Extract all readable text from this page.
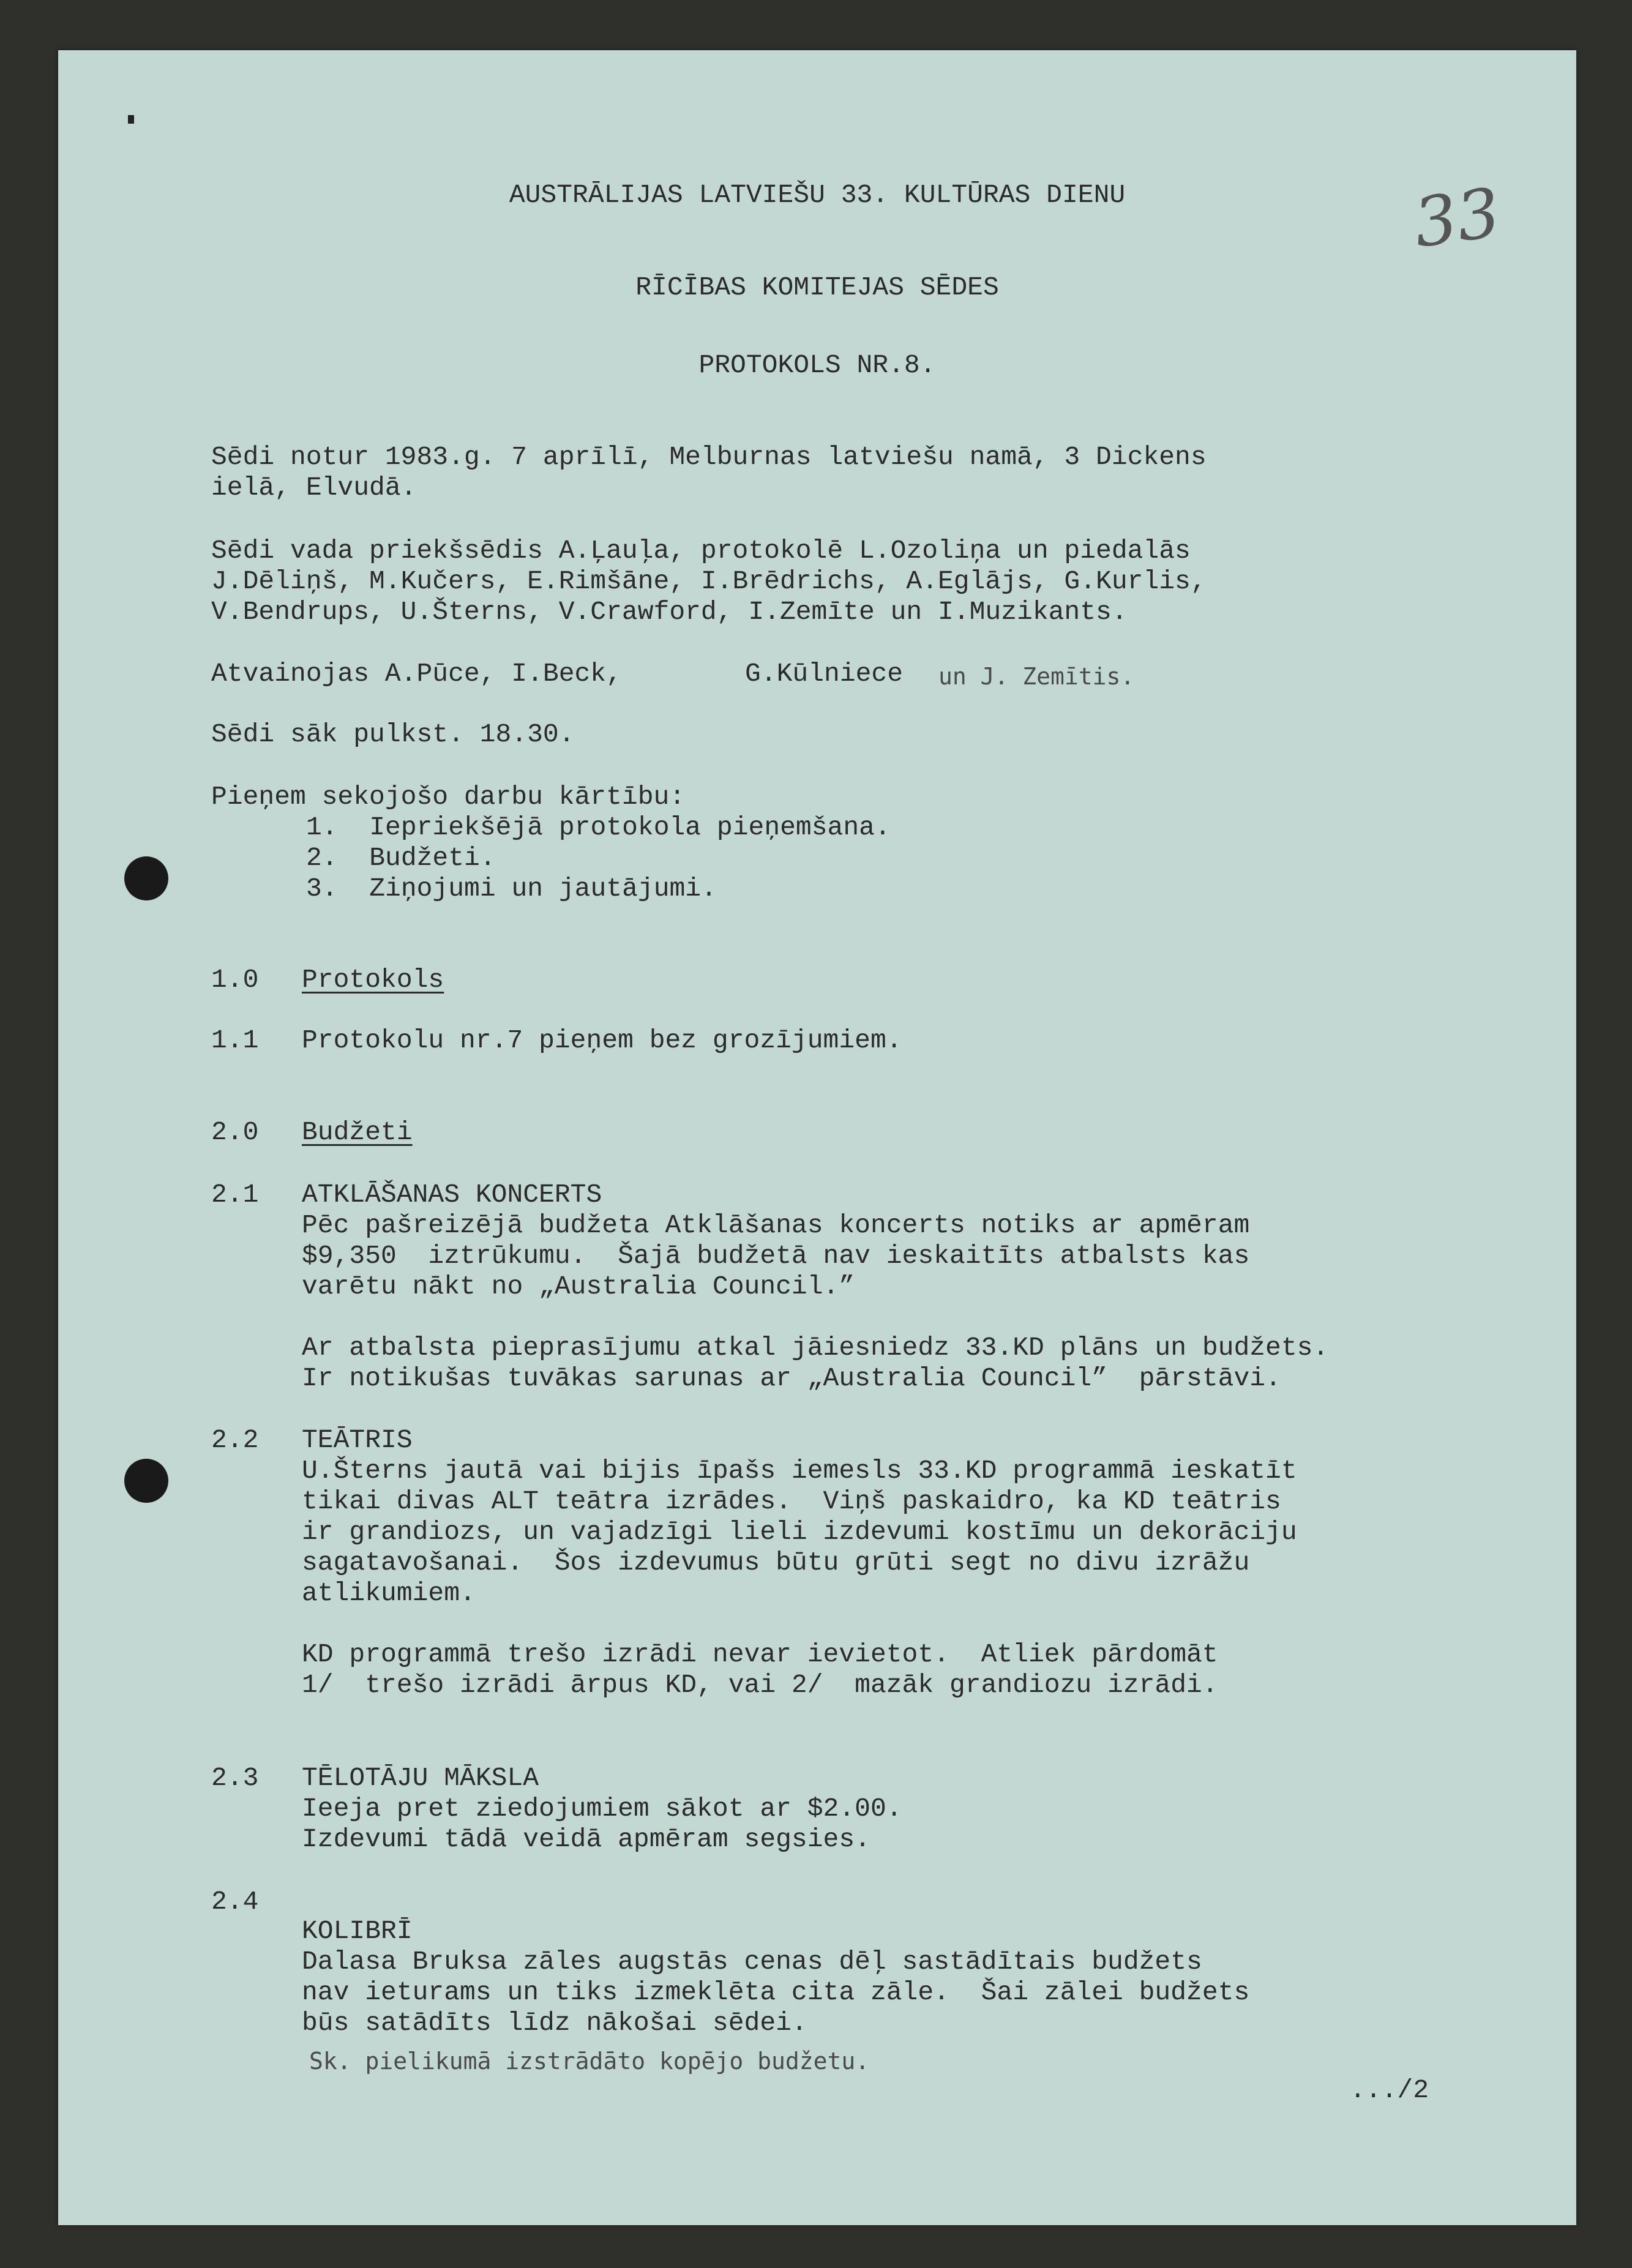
33
AUSTRĀLIJAS LATVIEŠU 33. KULTŪRAS DIENU
RĪCĪBAS KOMITEJAS SĒDES
PROTOKOLS NR.8.
Sēdi notur 1983.g. 7 aprīlī, Melburnas latviešu namā, 3 Dickens
ielā, Elvudā.
Sēdi vada priekšsēdis A.Ļauļa, protokolē L.Ozoliņa un piedalās
J.Dēliņš, M.Kučers, E.Rimšāne, I.Brēdrichs, A.Eglājs, G.Kurlis,
V.Bendrups, U.Šterns, V.Crawford, I.Zemīte un I.Muzikants.
Atvainojas A.Pūce, I.Beck,	G.Kūlniece un J. Zemītis.
Sēdi sāk pulkst. 18.30.
Pieņem sekojošo darbu kārtību:
1.  Iepriekšējā protokola pieņemšana.
2.  Budžeti.
3.  Ziņojumi un jautājumi.
1.0 Protokols
1.1 Protokolu nr.7 pieņem bez grozījumiem.
2.0 Budžeti
2.1 ATKLĀŠANAS KONCERTS
Pēc pašreizējā budžeta Atklāšanas koncerts notiks ar apmēram
$9,350  iztrūkumu.  Šajā budžetā nav ieskaitīts atbalsts kas
varētu nākt no „Australia Council.”
Ar atbalsta pieprasījumu atkal jāiesniedz 33.KD plāns un budžets.
Ir notikušas tuvākas sarunas ar „Australia Council”  pārstāvi.
2.2 TEĀTRIS
U.Šterns jautā vai bijis īpašs iemesls 33.KD programmā ieskatīt
tikai divas ALT teātra izrādes.  Viņš paskaidro, ka KD teātris
ir grandiozs, un vajadzīgi lieli izdevumi kostīmu un dekorāciju
sagatavošanai.  Šos izdevumus būtu grūti segt no divu izrāžu
atlikumiem.
KD programmā trešo izrādi nevar ievietot.  Atliek pārdomāt
1/  trešo izrādi ārpus KD, vai 2/  mazāk grandiozu izrādi.
2.3 TĒLOTĀJU MĀKSLA
Ieeja pret ziedojumiem sākot ar $2.00.
Izdevumi tādā veidā apmēram segsies.
2.4
KOLIBRĪ
Dalasa Bruksa zāles augstās cenas dēļ sastādītais budžets
nav ieturams un tiks izmeklēta cita zāle.  Šai zālei budžets
būs satādīts līdz nākošai sēdei.
Sk. pielikumā izstrādāto kopējo budžetu.
.../2
